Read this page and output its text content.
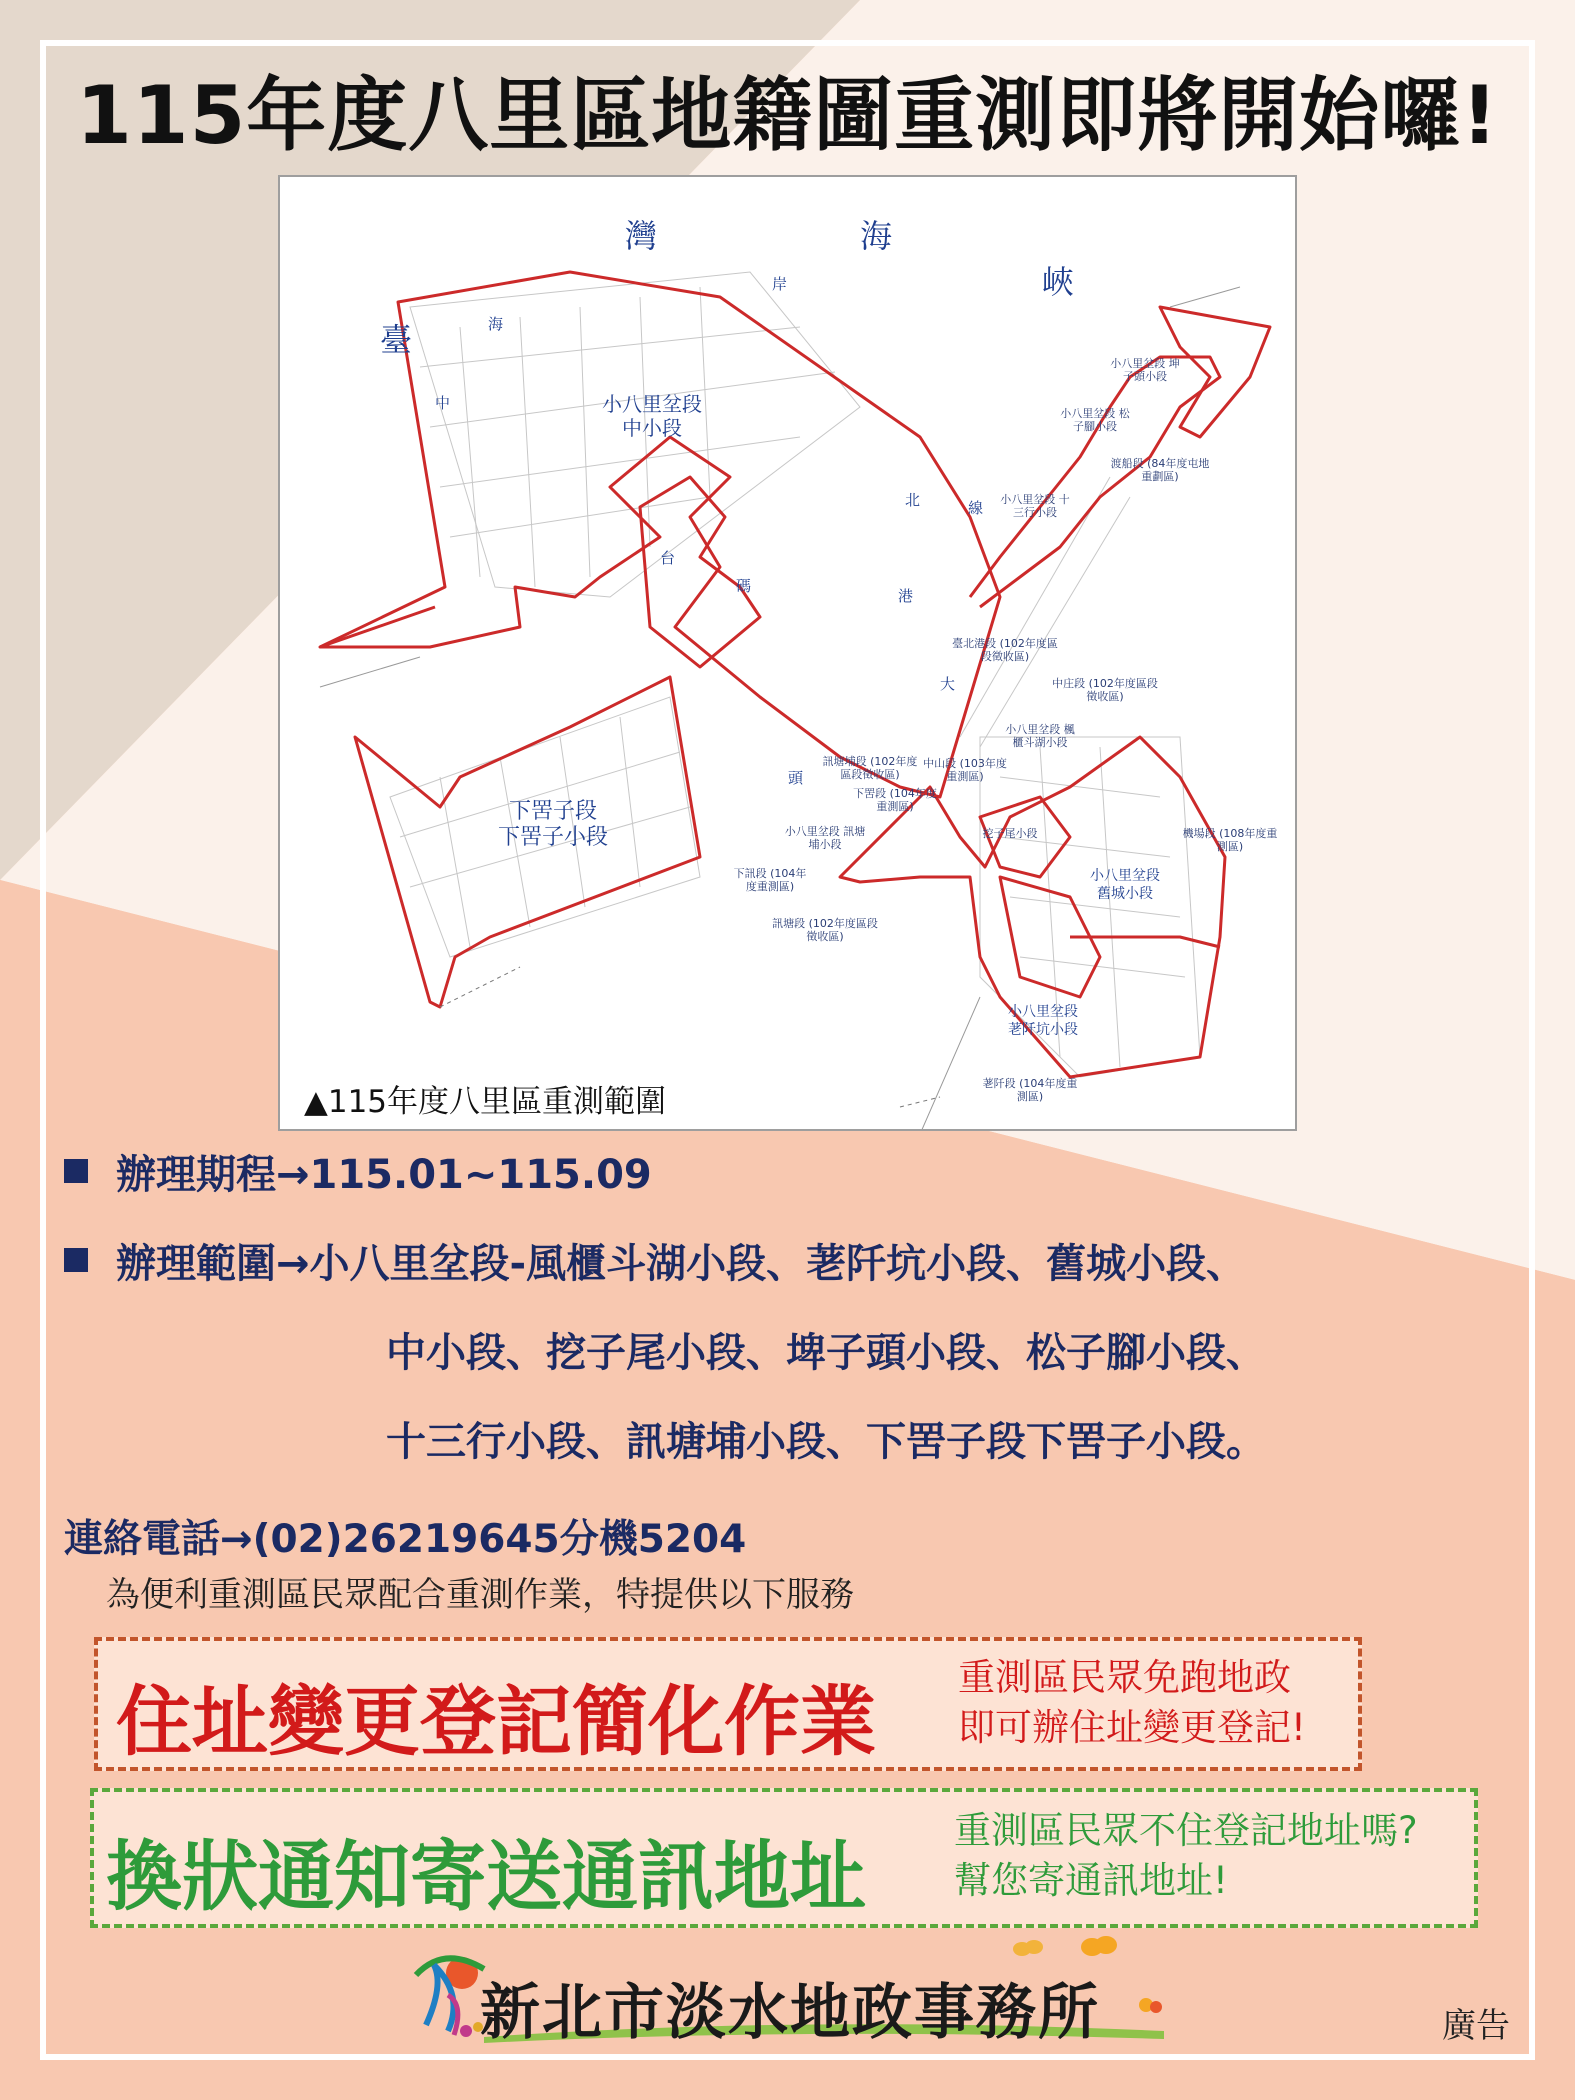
115年度八里區地籍圖重測即將開始囉!
臺
灣	海
峽
海
岸
線
中
港
北
台
大
碼
頭
小八里坌段
中小段
下罟子段
下罟子小段
小八里坌段
舊城小段
小八里坌段
荖阡坑小段
小八里坌段 坤子頭小段
小八里坌段 十三行小段
小八里坌段 松子腳小段
渡船段 (84年度屯地重劃區)
臺北港段 (102年度區段徵收區)
中庄段 (102年度區段徵收區)
小八里坌段 楓櫃斗湖小段
中山段 (103年度重測區)
下罟段 (104年度重測區)
訊塘埔段 (102年度區段徵收區)
小八里坌段 訊塘埔小段
下訊段 (104年度重測區)
訊塘段 (102年度區段徵收區)
挖子尾小段	機場段 (108年度重測區)
荖阡段 (104年度重測區)
▲115年度八里區重測範圍
辦理期程→115.01~115.09
辦理範圍→小八里坌段-風櫃斗湖小段、荖阡坑小段、舊城小段、
中小段、挖子尾小段、埤子頭小段、松子腳小段、
十三行小段、訊塘埔小段、下罟子段下罟子小段。
連絡電話→(02)26219645分機5204
為便利重測區民眾配合重測作業，特提供以下服務
住址變更登記簡化作業 重測區民眾免跑地政
即可辦住址變更登記!
換狀通知寄送通訊地址
重測區民眾不住登記地址嗎?
幫您寄通訊地址!
新北市淡水地政事務所	廣告
